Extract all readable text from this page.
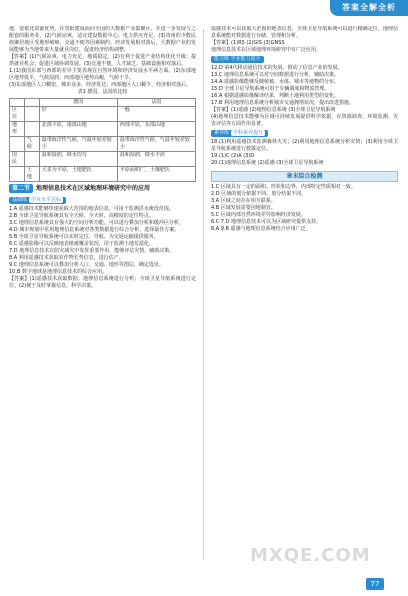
答案全解全析

地，要依托资源优势，在贵阳建成面向全国的大数据产业集聚区，并进一步发展与之配套的服务业。(2)气候凉爽，适宜建设数据中心；电力供应充足。(3)贵州的少数民族聚居地区受地形崎岖、交通不便等因素制约，经济发展相对落后。大数据产业的发展能够为当地带来大量就业岗位，促进经济结构调整。

【答案】(1)气候凉爽，电力充足，地质稳定。(2)有利于促进产业结构优化升级；提供就业机会；促进区域协调发展。(3)交通不便，人才缺乏，基础设施相对落后。

1.(1)我国东部与西部的差异主要表现在自然环境和经济发展水平两方面。(2)东部地区地势低平，气候湿润；西部地区地势高峻，气候干旱。

(3)东部地区人口稠密，城市众多，经济发达；西部地区人口稀少，经济相对落后。

表1 德国、法国的比较

		德国	法国
区位		好	一般
地形		北部平原，南部山地	西部平原，东部山地
	气候	温带海洋性气候，气温年较差较小	温带海洋性气候，气温年较差较小
国民		温和湿润，降水均匀	温和湿润，降水丰沛
	土地	大多为平原，土地肥沃	平原面积广，土壤肥沃
第二节 地理信息技术在区域地理环境研究中的应用
基础练 学业水平达标

1.A 遥感技术能够快速获取大范围的地表信息，可用于监测洪水淹没范围。

2.B 全球卫星导航系统具有全天候、全天时、高精度的定位特点。

3.C 地理信息系统具有强大的空间分析功能，可以进行叠加分析和缓冲区分析。

4.D 城市规划中常用地理信息系统对各类数据进行综合分析，选择最佳方案。

5.B 全球卫星导航系统可以实时定位、导航，为交通运输提供服务。

6.C 遥感影像可以反映地表植被覆盖状况，用于监测土地荒漠化。

7.D 地理信息技术在防灾减灾中发挥重要作用，能够评估灾情，辅助决策。

8.A 利用遥感技术获取农作物长势信息，进行估产。

9.C 地理信息系统可以叠加分析人口、交通、地形等图层，确定选址。

10.B 数字地球是地理信息技术的综合应用。

【答案】(1)遥感技术获取数据；地理信息系统进行分析；全球卫星导航系统进行定位。(2)便于及时掌握信息，科学决策。

遥感技术可以获取大范围的地表信息，全球卫星导航系统可以进行精确定位，地理信息系统能对数据进行存储、管理和分析。

【答案】(1)RS (2)GIS (3)GNSS

地理信息技术在区域地理环境研究中有广泛应用。

能力练 学业能力提升

12.D 第4代移动通信技术的发展，推动了信息产业的发展。

13.C 地理信息系统可以对空间数据进行分析，辅助决策。

14.A 遥感影像能够反映植被、水体、城市等地物的分布。

15.D 全球卫星导航系统可用于车辆调度和物流管理。

16.A 根据遥感影像解译结果，判断土地利用类型的变化。

17.B 利用地理信息系统分析城市交通拥堵状况，提出改进措施。

【答案】(1)遥感 (2)地理信息系统 (3)全球卫星导航系统

(4)地理信息技术能够为区域可持续发展提供科学依据，在资源调查、环境监测、灾害评估等方面作用显著。

素养练 学科素养提升

18.(1)利用遥感技术监测森林火灾；(2)利用地理信息系统分析灾情；(3)利用全球卫星导航系统进行救援定位。

19.(1)C (2)A (3)D

20.(1)地理信息系统 (2)遥感 (3)全球卫星导航系统

章末综合检测

1.C 区域具有一定的面积、形状和边界，内部特定性质相对一致。

2.D 区域的划分依据不同，划分结果不同。

3.A 区域之间存在相互联系。

4.B 区域发展需要因地制宜。

5.C 区域内部自然环境差异影响经济发展。

6.C 7.D 地理信息技术可以为区域研究提供支持。

8.A 9.B 遥感与地理信息系统结合应用广泛。

MXQE.COM
77
